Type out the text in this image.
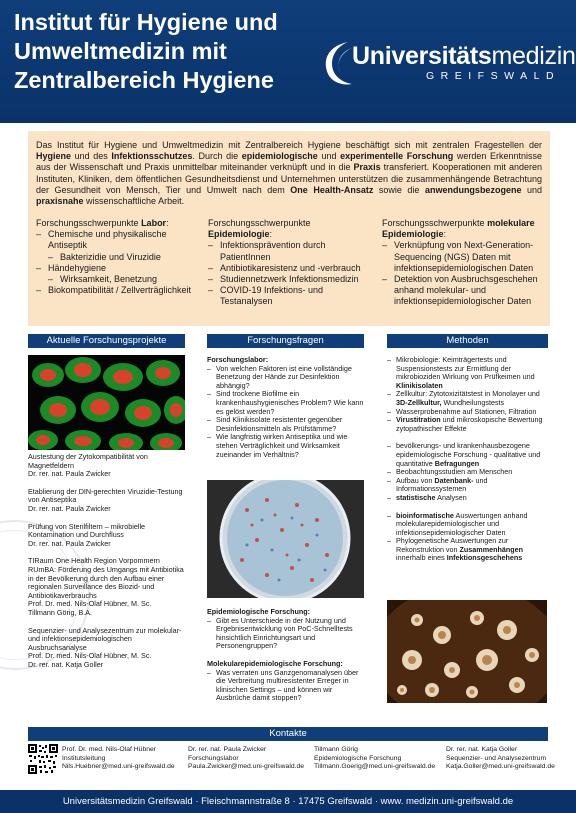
Institut für Hygiene und
Umweltmedizin mit
Zentralbereich Hygiene
Universitätsmedizin
GREIFSWALD

Das Institut für Hygiene und Umweltmedizin mit Zentralbereich Hygiene beschäftigt sich mit zentralen Fragestellen der Hygiene und des Infektionsschutzes. Durch die epidemiologische und experimentelle Forschung werden Erkenntnisse aus der Wissenschaft und Praxis unmittelbar miteinander verknüpft und in die Praxis transferiert. Kooperationen mit anderen Instituten, Kliniken, dem öffentlichen Gesundheitsdienst und Unternehmen unterstützen die zusammenhängende Betrachtung der Gesundheit von Mensch, Tier und Umwelt nach dem One Health-Ansatz sowie die anwendungsbezogene und praxisnahe wissenschaftliche Arbeit.

Forschungsschwerpunkte Labor:
– Chemische und physikalische Antiseptik
– Bakterizidie und Viruzidie
– Händehygiene
– Wirksamkeit, Benetzung
– Biokompatibilität / Zellverträglichkeit
Forschungsschwerpunkte
Epidemiologie:
– Infektionsprävention durch PatientInnen
– Antibiotikaresistenz und -verbrauch
– Studiennetzwerk Infektionsmedizin
– COVID-19 Infektions- und Testanalysen
Forschungsschwerpunkte molekulare Epidemiologie:
– Verknüpfung von Next-Generation-Sequencing (NGS) Daten mit infektionsepidemiologischen Daten
– Detektion von Ausbruchsgeschehen anhand molekular- und infektionsepidemiologischer Daten
Aktuelle Forschungsprojekte	Forschungsfragen	Methoden
Austestung der Zytokompatibilität von Magnetfeldern
Dr. rer. nat. Paula Zwicker
Etablierung der DIN-gerechten Viruzidie-Testung von Antiseptika
Dr. rer. nat. Paula Zwicker
Prüfung von Sterilfiltern – mikrobielle Kontamination und Durchfluss
Dr. rer. nat. Paula Zwicker
TIRaum One Health Region Vorpommern RUmBA: Förderung des Umgangs mit Antibiotika in der Bevölkerung durch den Aufbau einer regionalen Surveillance des Biozid- und Antibiotikaverbrauchs
Prof. Dr. med. Nils-Olaf Hübner, M. Sc.
Tillmann Görig, B.A.
Sequenzier- und Analysezentrum zur molekular- und infektionsepidemiologischen Ausbruchsanalyse
Prof. Dr. med. Nils-Olaf Hübner, M. Sc.
Dr. rer. nat. Katja Goller
Forschungslabor:
– Von welchen Faktoren ist eine vollständige Benetzung der Hände zur Desinfektion abhängig?
– Sind trockene Biofilme ein krankenhaushygienisches Problem? Wie kann es gelöst werden?
– Sind Klinikisolate resistenter gegenüber Desinfektionsmitteln als Prüfstämme?
– Wie langfristig wirken Antiseptika und wie stehen Verträglichkeit und Wirksamkeit zueinander im Verhältnis?
Epidemiologische Forschung:
– Gibt es Unterschiede in der Nutzung und Ergebnisentwicklung von PoC-Schnelltests hinsichtlich Einrichtungsart und Personengruppen?
Molekularepidemiologische Forschung:
– Was verraten uns Ganzgenomanalysen über die Verbreitung multiresistenter Erreger in klinischen Settings – und können wir Ausbrüche damit stoppen?
– Mikrobiologie: Keimträgertests und Suspensionstests zur Ermittlung der mikrobioziden Wirkung von Prüfkeimen und Klinikisolaten
– Zellkultur: Zytotoxizitätstest in Monolayer und 3D-Zellkultur, Wundheilungstests
– Wasserprobenahme auf Stationen, Filtration
– Virustitration und mikroskopische Bewertung zytopathischer Effekte
– bevölkerungs- und krankenhausbezogene epidemiologische Forschung - qualitative und quantitative Befragungen
– Beobachtungsstudien am Menschen
– Aufbau von Datenbank- und Informationssystemen
– statistische Analysen
– bioinformatische Auswertungen anhand molekularepidemiologischer und infektionsepidemiologischer Daten
– Phylogenetische Auswertungen zur Rekonstruktion von Zusammenhängen innerhalb eines Infektionsgeschehens
Kontakte
Prof. Dr. med. Nils-Olaf Hübner
Institutsleitung
Nils.Huebner@med.uni-greifswald.de
Dr. rer. nat. Paula Zwicker
Forschungslabor
Paula.Zwicker@med.uni-greifswald.de
Tillmann Görig
Epidemiologische Forschung
Tillmann.Goerig@med.uni-greifswald.de
Dr. rer. nat. Katja Goller
Sequenzier- und Analysezentrum
Katja.Goller@med.uni-greifswald.de
Universitätsmedizin Greifswald · Fleischmannstraße 8 · 17475 Greifswald · www. medizin.uni-greifswald.de
